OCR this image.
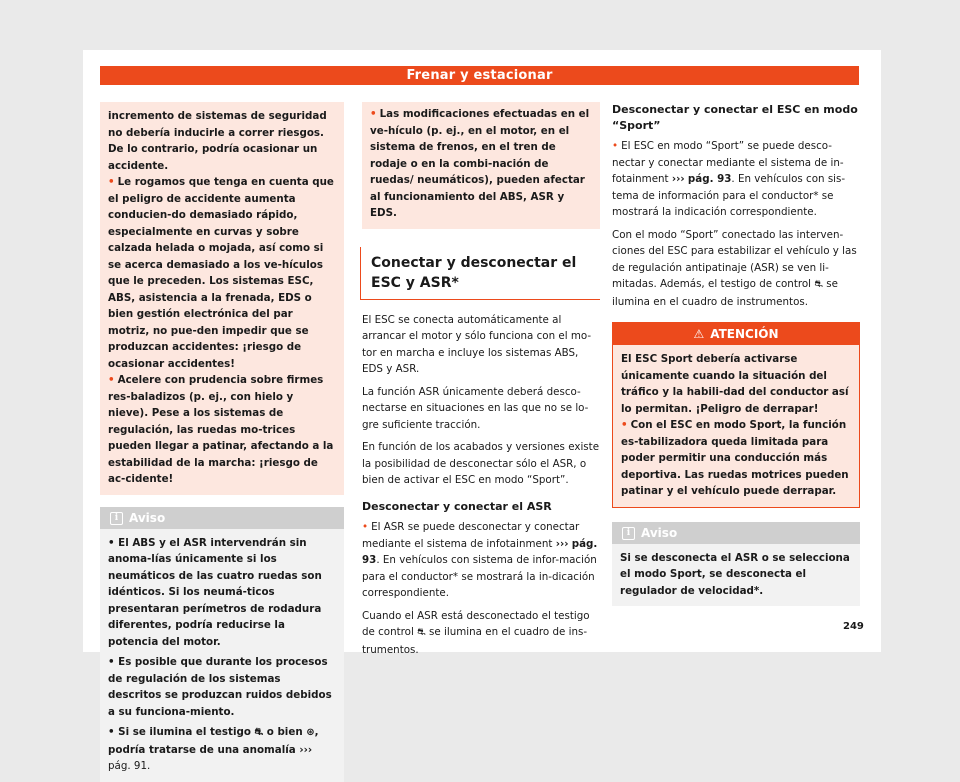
Frenar y estacionar

incremento de sistemas de seguridad no debería inducirle a correr riesgos. De lo contrario, podría ocasionar un accidente.

• Le rogamos que tenga en cuenta que el peligro de accidente aumenta conducien-do demasiado rápido, especialmente en curvas y sobre calzada helada o mojada, así como si se acerca demasiado a los ve-hículos que le preceden. Los sistemas ESC, ABS, asistencia a la frenada, EDS o bien gestión electrónica del par motriz, no pue-den impedir que se produzcan accidentes: ¡riesgo de ocasionar accidentes!

• Acelere con prudencia sobre firmes res-baladizos (p. ej., con hielo y nieve). Pese a los sistemas de regulación, las ruedas mo-trices pueden llegar a patinar, afectando a la estabilidad de la marcha: ¡riesgo de ac-cidente!

i Aviso

• El ABS y el ASR intervendrán sin anoma-lías únicamente si los neumáticos de las cuatro ruedas son idénticos. Si los neumá-ticos presentaran perímetros de rodadura diferentes, podría reducirse la potencia del motor.

• Es posible que durante los procesos de regulación de los sistemas descritos se produzcan ruidos debidos a su funciona-miento.

• Si se ilumina el testigo ⛐ o bien ⊛, podría tratarse de una anomalía ››› pág. 91.

• Las modificaciones efectuadas en el ve-hículo (p. ej., en el motor, en el sistema de frenos, en el tren de rodaje o en la combi-nación de ruedas/ neumáticos), pueden afectar al funcionamiento del ABS, ASR y EDS.

Conectar y desconectar el ESC y ASR*

El ESC se conecta automáticamente al arrancar el motor y sólo funciona con el mo-tor en marcha e incluye los sistemas ABS, EDS y ASR.

La función ASR únicamente deberá desco-nectarse en situaciones en las que no se lo-gre suficiente tracción.

En función de los acabados y versiones existe la posibilidad de desconectar sólo el ASR, o bien de activar el ESC en modo “Sport”.

Desconectar y conectar el ASR

• El ASR se puede desconectar y conectar mediante el sistema de infotainment ››› pág. 93. En vehículos con sistema de infor-mación para el conductor* se mostrará la in-dicación correspondiente.

Cuando el ASR está desconectado el testigo de control ⛐ se ilumina en el cuadro de ins-trumentos.

Desconectar y conectar el ESC en modo “Sport”

• El ESC en modo “Sport” se puede desco-nectar y conectar mediante el sistema de in-fotainment ››› pág. 93. En vehículos con sis-tema de información para el conductor* se mostrará la indicación correspondiente.

Con el modo “Sport” conectado las interven-ciones del ESC para estabilizar el vehículo y las de regulación antipatinaje (ASR) se ven li-mitadas. Además, el testigo de control ⛐ se ilumina en el cuadro de instrumentos.

⚠ ATENCIÓN

El ESC Sport debería activarse únicamente cuando la situación del tráfico y la habili-dad del conductor así lo permitan. ¡Peligro de derrapar!

• Con el ESC en modo Sport, la función es-tabilizadora queda limitada para poder permitir una conducción más deportiva. Las ruedas motrices pueden patinar y el vehículo puede derrapar.

i Aviso

Si se desconecta el ASR o se selecciona el modo Sport, se desconecta el regulador de velocidad*.

249
